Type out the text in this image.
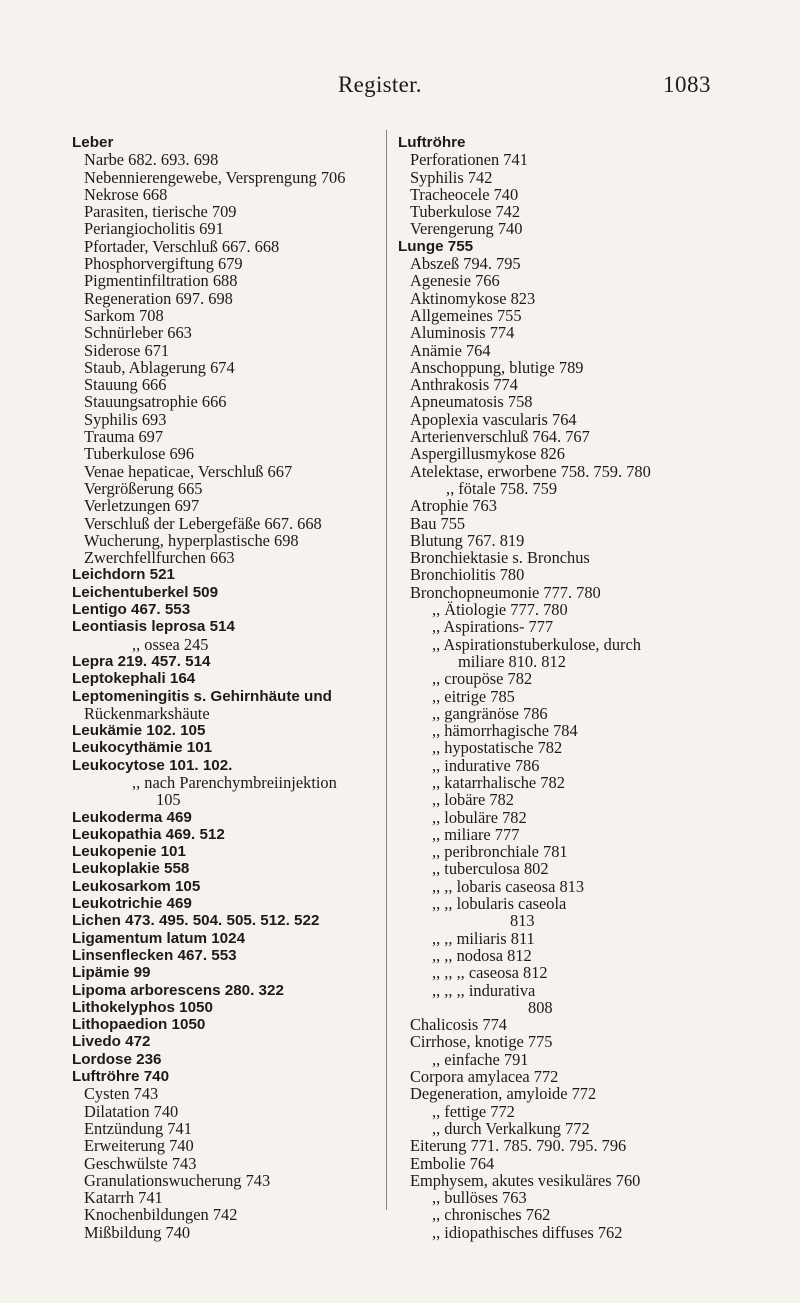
Register.	1083
Leber
Narbe 682. 693. 698
Nebennierengewebe, Versprengung 706
Nekrose 668
Parasiten, tierische 709
Periangiocholitis 691
Pfortader, Verschluß 667. 668
Phosphorvergiftung 679
Pigmentinfiltration 688
Regeneration 697. 698
Sarkom 708
Schnürleber 663
Siderose 671
Staub, Ablagerung 674
Stauung 666
Stauungsatrophie 666
Syphilis 693
Trauma 697
Tuberkulose 696
Venae hepaticae, Verschluß 667
Vergrößerung 665
Verletzungen 697
Verschluß der Lebergefäße 667. 668
Wucherung, hyperplastische 698
Zwerchfellfurchen 663
Leichdorn 521
Leichentuberkel 509
Lentigo 467. 553
Leontiasis leprosa 514
,, ossea 245
Lepra 219. 457. 514
Leptokephali 164
Leptomeningitis s. Gehirnhäute und
Rückenmarkshäute
Leukämie 102. 105
Leukocythämie 101
Leukocytose 101. 102.
,, nach Parenchymbreiinjektion
105
Leukoderma 469
Leukopathia 469. 512
Leukopenie 101
Leukoplakie 558
Leukosarkom 105
Leukotrichie 469
Lichen 473. 495. 504. 505. 512. 522
Ligamentum latum 1024
Linsenflecken 467. 553
Lipämie 99
Lipoma arborescens 280. 322
Lithokelyphos 1050
Lithopaedion 1050
Livedo 472
Lordose 236
Luftröhre 740
Cysten 743
Dilatation 740
Entzündung 741
Erweiterung 740
Geschwülste 743
Granulationswucherung 743
Katarrh 741
Knochenbildungen 742
Mißbildung 740
Luftröhre
Perforationen 741
Syphilis 742
Tracheocele 740
Tuberkulose 742
Verengerung 740
Lunge 755
Abszeß 794. 795
Agenesie 766
Aktinomykose 823
Allgemeines 755
Aluminosis 774
Anämie 764
Anschoppung, blutige 789
Anthrakosis 774
Apneumatosis 758
Apoplexia vascularis 764
Arterienverschluß 764. 767
Aspergillusmykose 826
Atelektase, erworbene 758. 759. 780
,, fötale 758. 759
Atrophie 763
Bau 755
Blutung 767. 819
Bronchiektasie s. Bronchus
Bronchiolitis 780
Bronchopneumonie 777. 780
,, Ätiologie 777. 780
,, Aspirations- 777
,, Aspirationstuberkulose, durch
miliare 810. 812
,, croupöse 782
,, eitrige 785
,, gangränöse 786
,, hämorrhagische 784
,, hypostatische 782
,, indurative 786
,, katarrhalische 782
,, lobäre 782
,, lobuläre 782
,, miliare 777
,, peribronchiale 781
,, tuberculosa 802
,, ,, lobaris caseosa 813
,, ,, lobularis caseola
813
,, ,, miliaris 811
,, ,, nodosa 812
,, ,, ,, caseosa 812
,, ,, ,, indurativa
808
Chalicosis 774
Cirrhose, knotige 775
,, einfache 791
Corpora amylacea 772
Degeneration, amyloide 772
,, fettige 772
,, durch Verkalkung 772
Eiterung 771. 785. 790. 795. 796
Embolie 764
Emphysem, akutes vesikuläres 760
,, bullöses 763
,, chronisches 762
,, idiopathisches diffuses 762
